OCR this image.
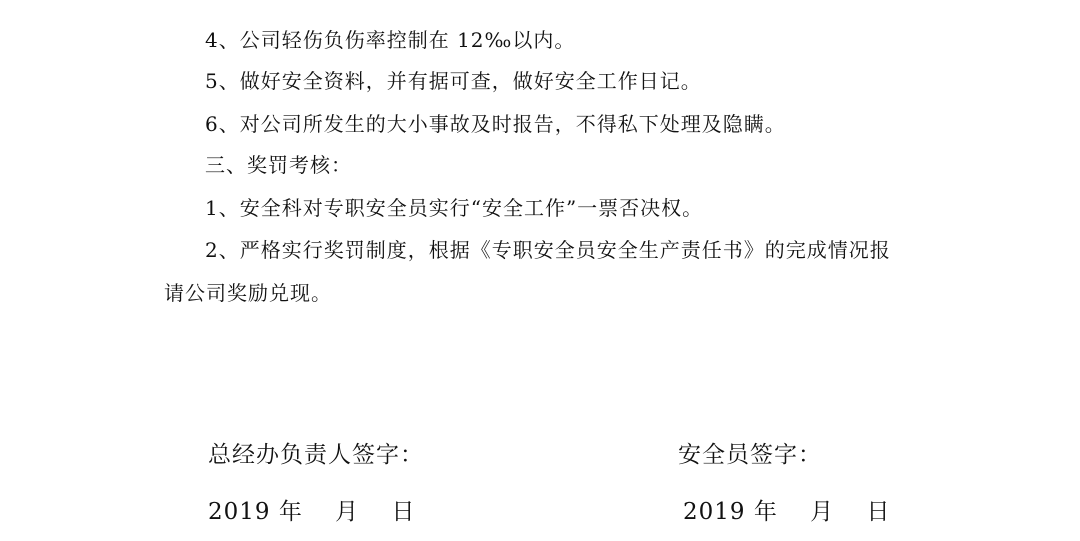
4、公司轻伤负伤率控制在 12‰以内。
5、做好安全资料，并有据可查，做好安全工作日记。
6、对公司所发生的大小事故及时报告，不得私下处理及隐瞒。
三、奖罚考核：
1、安全科对专职安全员实行“安全工作”一票否决权。
2、严格实行奖罚制度，根据《专职安全员安全生产责任书》的完成情况报
请公司奖励兑现。
总经办负责人签字：	安全员签字：
2019 年　 月　 日	2019 年　 月　 日
